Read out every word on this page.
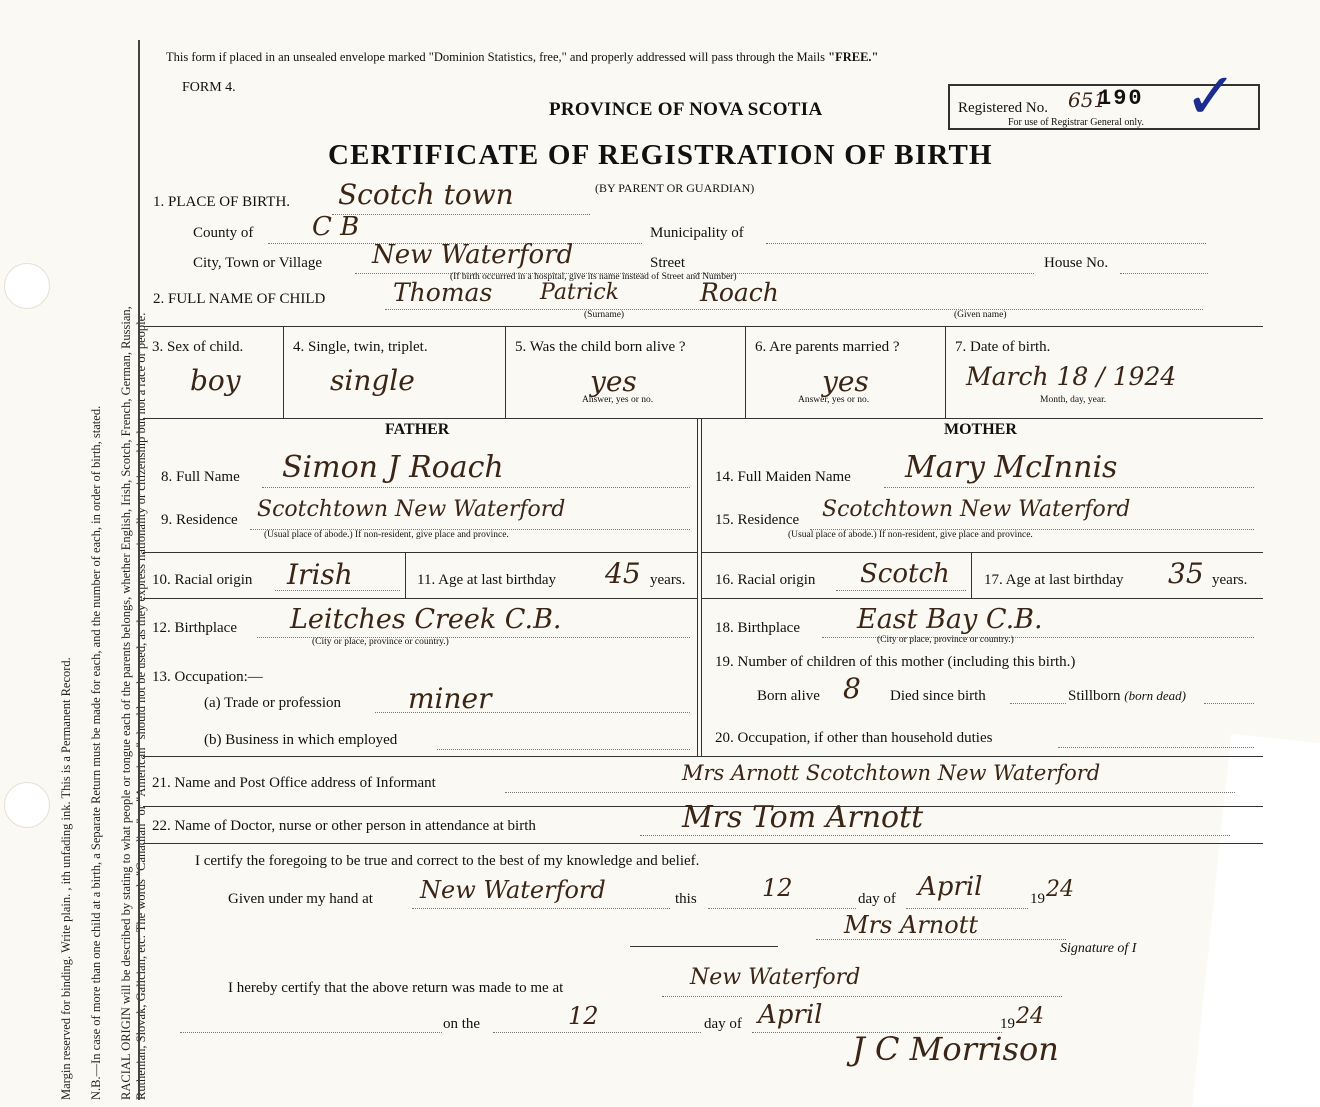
RACIAL ORIGIN will be described by stating to what people or tongue each of the parents belongs, whether English, Irish, Scotch, French, German, Russian, Ruthenian, Slovak, Galician, etc. The words "Canadian" or "American" should not be used, as they express nationality or citizenship but not a race or people.
N.B.—In case of more than one child at a birth, a Separate Return must be made for each, and the number of each, in order of birth, stated.
Margin reserved for binding. Write plain. , ith unfading ink. This is a Permanent Record.
This form if placed in an unsealed envelope marked "Dominion Statistics, free," and properly addressed will pass through the Mails "FREE."
FORM 4.
PROVINCE OF NOVA SCOTIA
CERTIFICATE OF REGISTRATION OF BIRTH
(BY PARENT OR GUARDIAN)
Registered No. 651
190
For use of Registrar General only. ✓
1. PLACE OF BIRTH. Scotch town
County of C B	Municipality of
City, Town or Village New Waterford	Street	House No.
(If birth occurred in a hospital, give its name instead of Street and Number)
2. FULL NAME OF CHILD	Thomas Patrick	Roach
(Surname)	(Given name)
3. Sex of child.
boy
4. Single, twin, triplet.
single
5. Was the child born alive ?
yes
Answer, yes or no.
6. Are parents married ?
yes
Answer, yes or no.
7. Date of birth.
March 18 / 1924
Month, day, year.
FATHER	MOTHER
8. Full Name Simon J Roach
9. Residence Scotchtown New Waterford
(Usual place of abode.) If non-resident, give place and province.
10. Racial origin Irish	11. Age at last birthday 45 years.
12. Birthplace Leitches Creek C.B.
(City or place, province or country.)
13. Occupation:—
(a) Trade or profession miner
(b) Business in which employed
14. Full Maiden Name Mary McInnis
15. Residence Scotchtown New Waterford
(Usual place of abode.) If non-resident, give place and province.
16. Racial origin Scotch 17. Age at last birthday 35 years.
18. Birthplace East Bay C.B.
(City or place, province or country.)
19. Number of children of this mother (including this birth.)
Born alive 8 Died since birth	Stillborn (born dead)
20. Occupation, if other than household duties
21. Name and Post Office address of Informant	Mrs Arnott Scotchtown New Waterford
22. Name of Doctor, nurse or other person in attendance at birth	Mrs Tom Arnott
I certify the foregoing to be true and correct to the best of my knowledge and belief.
Given under my hand at New Waterford	this	12	day of April	19 24
Mrs Arnott
Signature of I
I hereby certify that the above return was made to me at	New Waterford
on the	12	day of April	19 24
J C Morrison
